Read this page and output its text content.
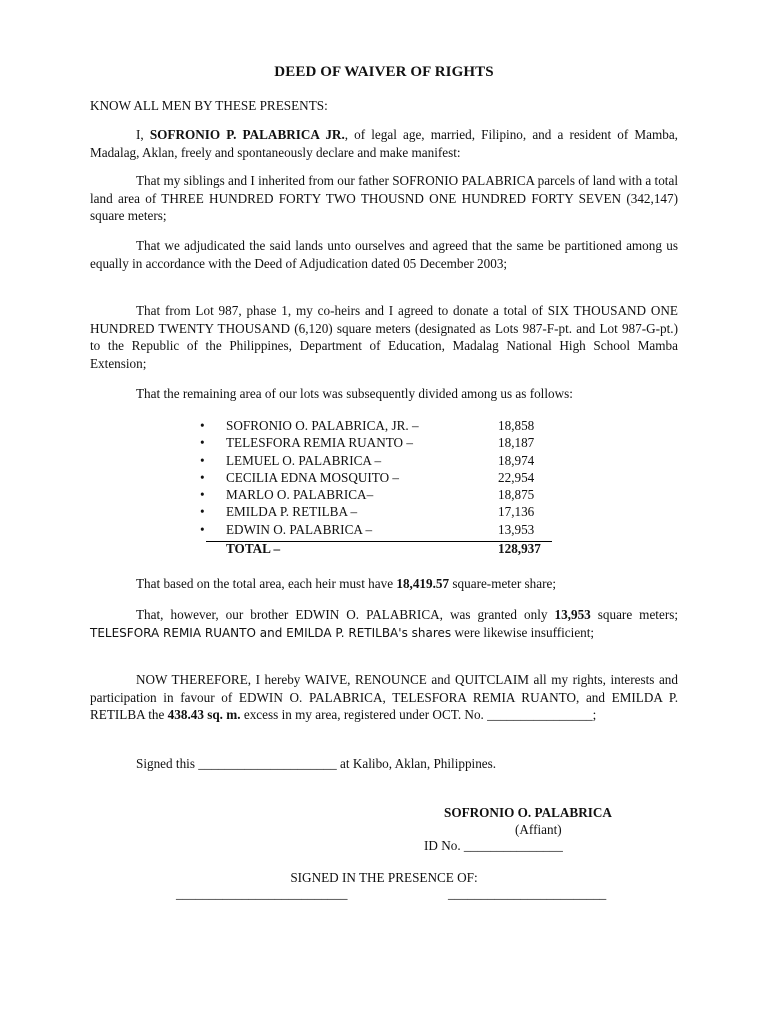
DEED OF WAIVER OF RIGHTS
KNOW ALL MEN BY THESE PRESENTS:
I, SOFRONIO P. PALABRICA JR., of legal age, married, Filipino, and a resident of Mamba, Madalag, Aklan, freely and spontaneously declare and make manifest:
That my siblings and I inherited from our father SOFRONIO PALABRICA parcels of land with a total land area of THREE HUNDRED FORTY TWO THOUSND ONE HUNDRED FORTY SEVEN (342,147) square meters;
That we adjudicated the said lands unto ourselves and agreed that the same be partitioned among us equally in accordance with the Deed of Adjudication dated 05 December 2003;
That from Lot 987, phase 1, my co-heirs and I agreed to donate a total of SIX THOUSAND ONE HUNDRED TWENTY THOUSAND (6,120) square meters (designated as Lots 987-F-pt. and Lot 987-G-pt.) to the Republic of the Philippines, Department of Education, Madalag National High School Mamba Extension;
That the remaining area of our lots was subsequently divided among us as follows:
• SOFRONIO O. PALABRICA, JR. –	18,858
• TELESFORA REMIA RUANTO –	18,187
• LEMUEL O. PALABRICA –	18,974
• CECILIA EDNA MOSQUITO –	22,954
• MARLO O. PALABRICA–	18,875
• EMILDA P. RETILBA –	17,136
• EDWIN O. PALABRICA –	13,953
TOTAL –	128,937
That based on the total area, each heir must have 18,419.57 square-meter share;
That, however, our brother EDWIN O. PALABRICA, was granted only 13,953 square meters; TELESFORA REMIA RUANTO and EMILDA P. RETILBA's shares were likewise insufficient;
NOW THEREFORE, I hereby WAIVE, RENOUNCE and QUITCLAIM all my rights, interests and participation in favour of EDWIN O. PALABRICA, TELESFORA REMIA RUANTO, and EMILDA P. RETILBA the 438.43 sq. m. excess in my area, registered under OCT. No. ________________;
Signed this _____________________ at Kalibo, Aklan, Philippines.
SOFRONIO O. PALABRICA
(Affiant)
ID No. _______________
SIGNED IN THE PRESENCE OF:
__________________________	________________________
